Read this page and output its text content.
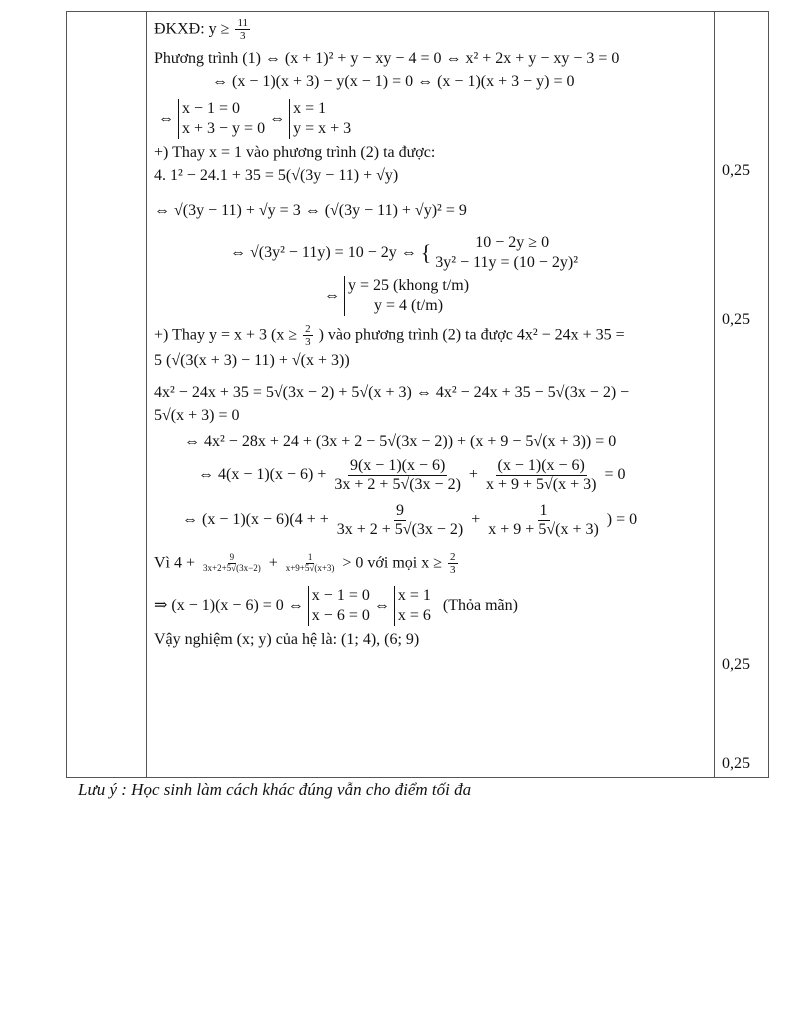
ĐKXĐ: $y \ge \frac{11}{3}$
Phương trình (1) ⇔ (x + 1)² + y − xy − 4 = 0 ⇔ x² + 2x + y − xy − 3 = 0
⇔ (x − 1)(x + 3) − y(x − 1) = 0 ⇔ (x − 1)(x + 3 − y) = 0
⇔
x − 1 = 0
x + 3 − y = 0
⇔
x = 1
y = x + 3
+) Thay x = 1 vào phương trình (2) ta được:
4. 1² − 24.1 + 35 = 5(√(3y − 11) + √y)
⇔ √(3y − 11) + √y = 3 ⇔ (√(3y − 11) + √y)² = 9
⇔ √(3y² − 11y) = 10 − 2y ⇔ {	10 − 2y ≥ 0
3y² − 11y = (10 − 2y)²
⇔
y = 25 (khong t/m)
y = 4 (t/m)
+) Thay y = x + 3 ($x \ge \frac{2}{3}$ ) vào phương trình (2) ta được 4x² − 24x + 35 =
5 (√(3(x + 3) − 11) + √(x + 3))
4x² − 24x + 35 = 5√(3x − 2) + 5√(x + 3) ⇔ 4x² − 24x + 35 − 5√(3x − 2) −
5√(x + 3) = 0
⇔ 4x² − 28x + 24 + (3x + 2 − 5√(3x − 2)) + (x + 9 − 5√(x + 3)) = 0
⇔ $4(x - 1)(x - 6) + \frac{9(x - 1)(x - 6)}{3x + 2 + 5√(3x - 2)} + \frac{(x - 1)(x - 6)}{x + 9 + 5√(x + 3)} = 0$
⇔ (x − 1)(x − 6)(4 + + $\frac{9}{3x + 2 + 5√(3x - 2)} + \frac{1}{x + 9 + 5√(x + 3)}$ ) = 0
Vì $4 + \frac{9}{3x+2+5√(3x-2)} + \frac{1}{x+9+5√(x+3)} > 0$ với mọi $x \ge \frac{2}{3}$
⇒ (x − 1)(x − 6) = 0 ⇔
x − 1 = 0
x − 6 = 0
⇔
x = 1
x = 6
(Thỏa mãn)
Vậy nghiệm (x; y) của hệ là: (1; 4), (6; 9)
0,25
0,25
0,25
0,25
Lưu ý : Học sinh làm cách khác đúng vẫn cho điểm tối đa
